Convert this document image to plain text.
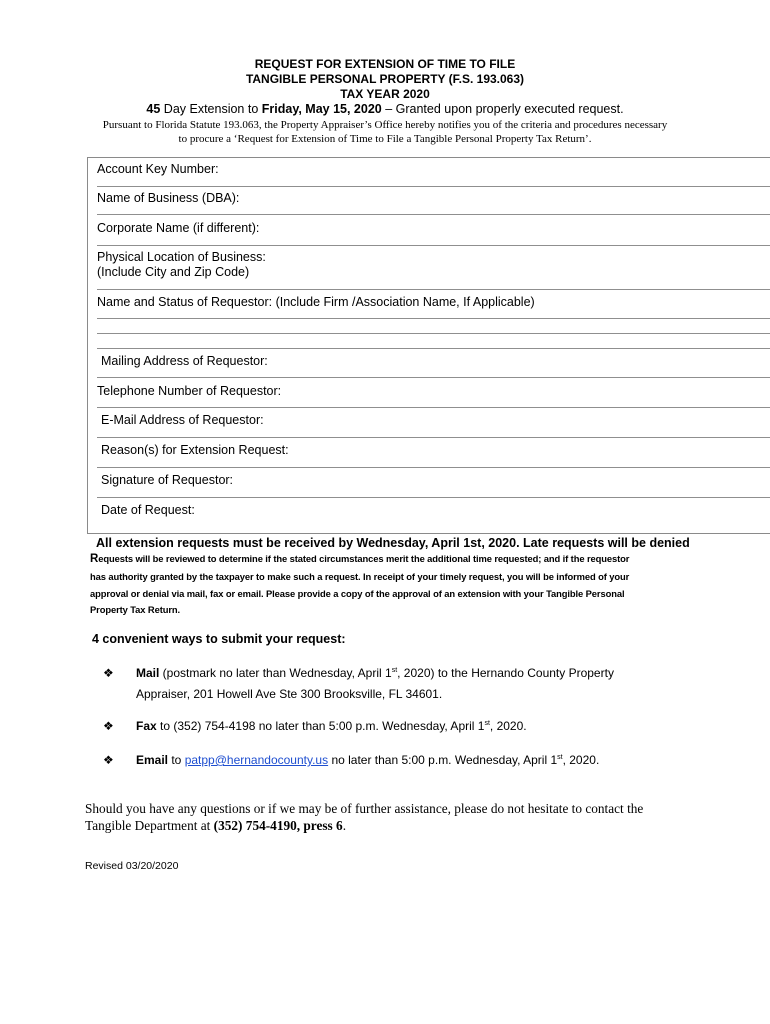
REQUEST FOR EXTENSION OF TIME TO FILE
TANGIBLE PERSONAL PROPERTY (F.S. 193.063)
TAX YEAR 2020
45 Day Extension to Friday, May 15, 2020 – Granted upon properly executed request.
Pursuant to Florida Statute 193.063, the Property Appraiser’s Office hereby notifies you of the criteria and procedures necessary
to procure a ‘Request for Extension of Time to File a Tangible Personal Property Tax Return’.
Account Key Number:
Name of Business (DBA):
Corporate Name (if different):
Physical Location of Business:
(Include City and Zip Code)
Name and Status of Requestor: (Include Firm /Association Name, If Applicable)
Mailing Address of Requestor:
Telephone Number of Requestor:
E-Mail Address of Requestor:
Reason(s) for Extension Request:
Signature of Requestor:
Date of Request:
All extension requests must be received by Wednesday, April 1st, 2020. Late requests will be denied
Requests will be reviewed to determine if the stated circumstances merit the additional time requested; and if the requestor
has authority granted by the taxpayer to make such a request. In receipt of your timely request, you will be informed of your
approval or denial via mail, fax or email. Please provide a copy of the approval of an extension with your Tangible Personal
Property Tax Return.
4 convenient ways to submit your request:
❖ Mail (postmark no later than Wednesday, April 1st, 2020) to the Hernando County Property
Appraiser, 201 Howell Ave Ste 300 Brooksville, FL 34601.
❖ Fax to (352) 754-4198 no later than 5:00 p.m. Wednesday, April 1st, 2020.
❖ Email to patpp@hernandocounty.us no later than 5:00 p.m. Wednesday, April 1st, 2020.
Should you have any questions or if we may be of further assistance, please do not hesitate to contact the
Tangible Department at (352) 754-4190, press 6.
Revised 03/20/2020
